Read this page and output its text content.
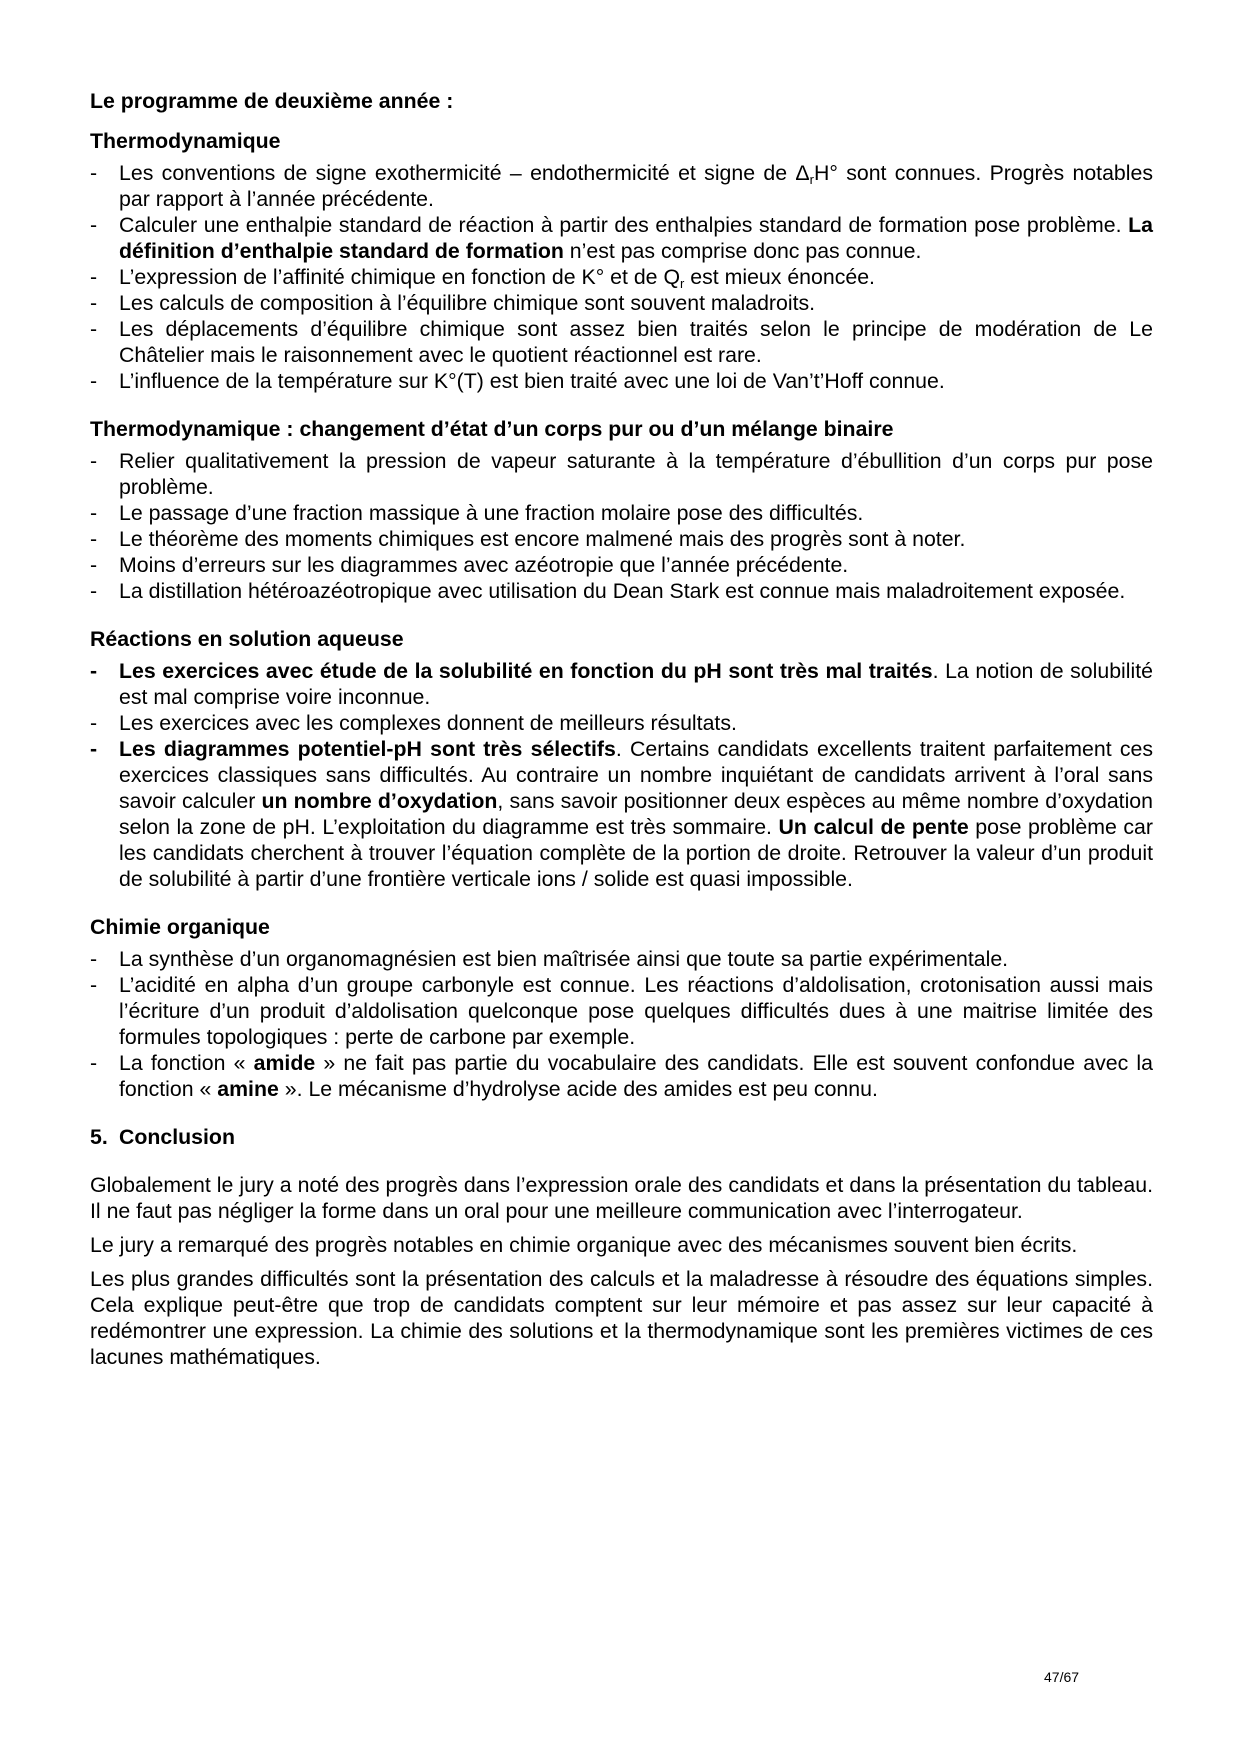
Le programme de deuxième année :
Thermodynamique
- Les conventions de signe exothermicité – endothermicité et signe de $\Delta_rH^\circ$ sont connues. Progrès notables par rapport à l’année précédente.
- Calculer une enthalpie standard de réaction à partir des enthalpies standard de formation pose problème. La définition d’enthalpie standard de formation n’est pas comprise donc pas connue.
- L’expression de l’affinité chimique en fonction de K° et de $Q_r$ est mieux énoncée.
- Les calculs de composition à l’équilibre chimique sont souvent maladroits.
- Les déplacements d’équilibre chimique sont assez bien traités selon le principe de modération de Le Châtelier mais le raisonnement avec le quotient réactionnel est rare.
- L’influence de la température sur K°(T) est bien traité avec une loi de Van’t’Hoff connue.
Thermodynamique : changement d’état d’un corps pur ou d’un mélange binaire
- Relier qualitativement la pression de vapeur saturante à la température d’ébullition d’un corps pur pose problème.
- Le passage d’une fraction massique à une fraction molaire pose des difficultés.
- Le théorème des moments chimiques est encore malmené mais des progrès sont à noter.
- Moins d’erreurs sur les diagrammes avec azéotropie que l’année précédente.
- La distillation hétéroazéotropique avec utilisation du Dean Stark est connue mais maladroitement exposée.
Réactions en solution aqueuse
- Les exercices avec étude de la solubilité en fonction du pH sont très mal traités. La notion de solubilité est mal comprise voire inconnue.
- Les exercices avec les complexes donnent de meilleurs résultats.
- Les diagrammes potentiel-pH sont très sélectifs. Certains candidats excellents traitent parfaitement ces exercices classiques sans difficultés. Au contraire un nombre inquiétant de candidats arrivent à l’oral sans savoir calculer un nombre d’oxydation, sans savoir positionner deux espèces au même nombre d’oxydation selon la zone de pH. L’exploitation du diagramme est très sommaire. Un calcul de pente pose problème car les candidats cherchent à trouver l’équation complète de la portion de droite. Retrouver la valeur d’un produit de solubilité à partir d’une frontière verticale ions / solide est quasi impossible.
Chimie organique
- La synthèse d’un organomagnésien est bien maîtrisée ainsi que toute sa partie expérimentale.
- L’acidité en alpha d’un groupe carbonyle est connue. Les réactions d’aldolisation, crotonisation aussi mais l’écriture d’un produit d’aldolisation quelconque pose quelques difficultés dues à une maitrise limitée des formules topologiques : perte de carbone par exemple.
- La fonction « amide » ne fait pas partie du vocabulaire des candidats. Elle est souvent confondue avec la fonction « amine ». Le mécanisme d’hydrolyse acide des amides est peu connu.
5. Conclusion

Globalement le jury a noté des progrès dans l’expression orale des candidats et dans la présentation du tableau. Il ne faut pas négliger la forme dans un oral pour une meilleure communication avec l’interrogateur.

Le jury a remarqué des progrès notables en chimie organique avec des mécanismes souvent bien écrits.

Les plus grandes difficultés sont la présentation des calculs et la maladresse à résoudre des équations simples. Cela explique peut-être que trop de candidats comptent sur leur mémoire et pas assez sur leur capacité à redémontrer une expression. La chimie des solutions et la thermodynamique sont les premières victimes de ces lacunes mathématiques.

47/67
